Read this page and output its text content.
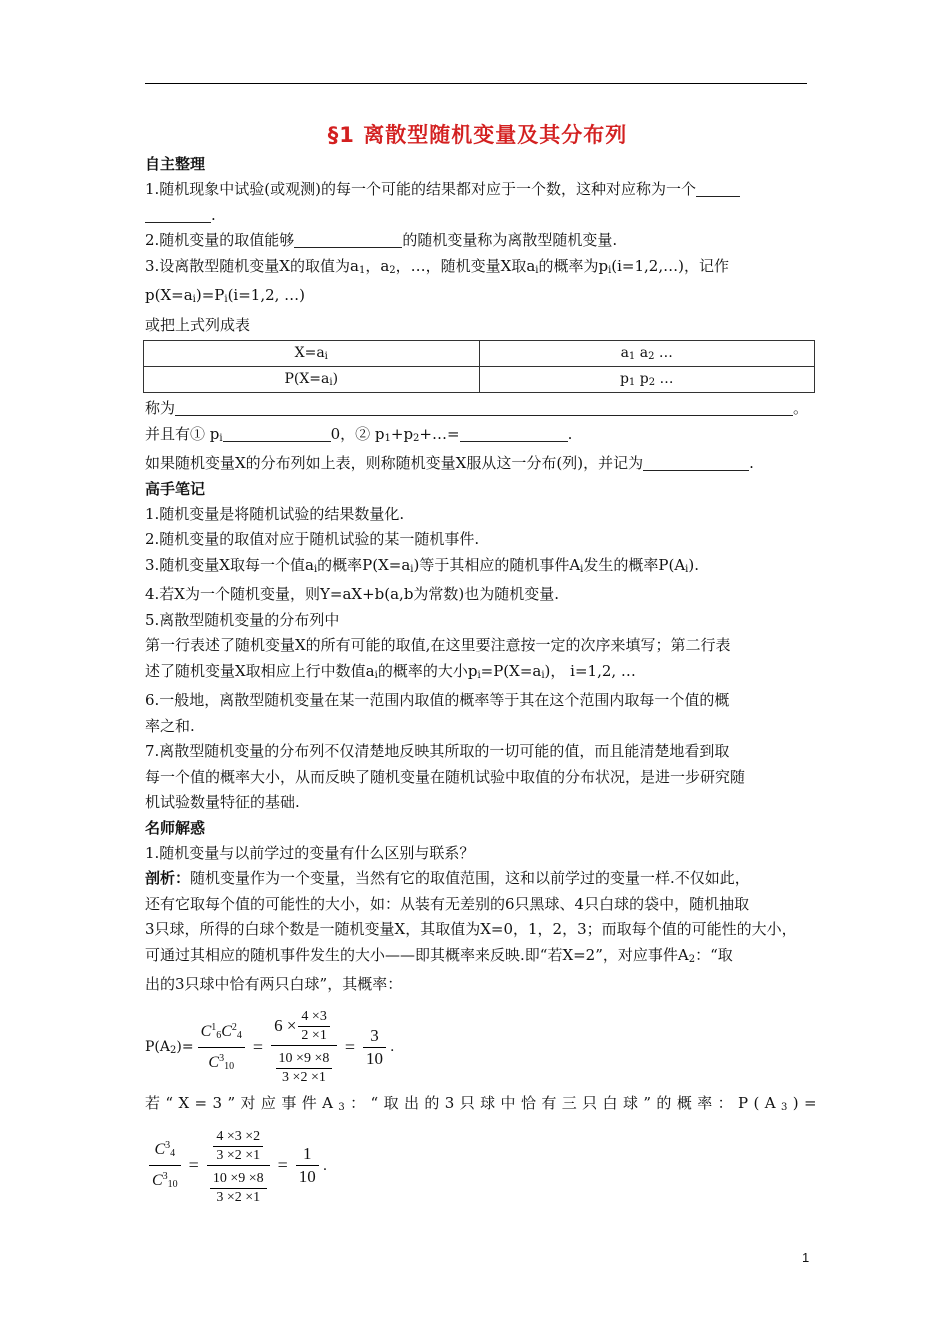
§1 离散型随机变量及其分布列
自主整理
1.随机现象中试验(或观测)的每一个可能的结果都对应于一个数，这种对应称为一个
.
2.随机变量的取值能够	的随机变量称为离散型随机变量.
3.设离散型随机变量X的取值为$a_1$，$a_2$，…，随机变量X取$a_i$的概率为$p_i(i=1,2,\dots)$，记作
$p(X=a_i)=P_i(i=1,2$, …)
或把上式列成表
$X=a_i$	$a_1$ $a_2$ …
$P(X=a_i)$	$p_1$ $p_2$ …
称为	。
并且有① $p_i$	0，② $p_1+p_2+\dots=$	.
如果随机变量X的分布列如上表，则称随机变量X服从这一分布(列)，并记为	.
高手笔记
1.随机变量是将随机试验的结果数量化.
2.随机变量的取值对应于随机试验的某一随机事件.
3.随机变量X取每一个值$a_i$的概率$P(X=a_i)$等于其相应的随机事件$A_i$发生的概率$P(A_i)$.
4.若X为一个随机变量，则Y=aX+b(a,b为常数)也为随机变量.
5.离散型随机变量的分布列中
第一行表述了随机变量X的所有可能的取值,在这里要注意按一定的次序来填写；第二行表
述了随机变量X取相应上行中数值$a_i$的概率的大小$p_i=P(X=a_i)$， i=1,2, …
6.一般地，离散型随机变量在某一范围内取值的概率等于其在这个范围内取每一个值的概
率之和.
7.离散型随机变量的分布列不仅清楚地反映其所取的一切可能的值，而且能清楚地看到取
每一个值的概率大小，从而反映了随机变量在随机试验中取值的分布状况，是进一步研究随
机试验数量特征的基础.
名师解惑
1.随机变量与以前学过的变量有什么区别与联系？
剖析：随机变量作为一个变量，当然有它的取值范围，这和以前学过的变量一样.不仅如此，
还有它取每个值的可能性的大小，如：从装有无差别的6只黑球、4只白球的袋中，随机抽取
3只球，所得的白球个数是一随机变量X，其取值为X=0，1，2，3；而取每个值的可能性的大小，
可通过其相应的随机事件发生的大小——即其概率来反映.即“若X=2”，对应事件$A_2$：“取
出的3只球中恰有两只白球”，其概率：
$P(A_2)= \frac{C^1_6C^2_4}{C^3_{10}} = \frac{6 \times \frac{4 \times 3}{2 \times 1}}{\frac{10 \times 9 \times 8}{3 \times 2 \times 1}} = \frac{3}{10}$ .
若“X=3”对应事件$A_3$：“取出的3只球中恰有三只白球”的概率：$P(A_3)=$
$\frac{C^3_4}{C^3_{10}} = \frac{\frac{4 \times 3 \times 2}{3 \times 2 \times 1}}{\frac{10 \times 9 \times 8}{3 \times 2 \times 1}} = \frac{1}{10}$ .
1
